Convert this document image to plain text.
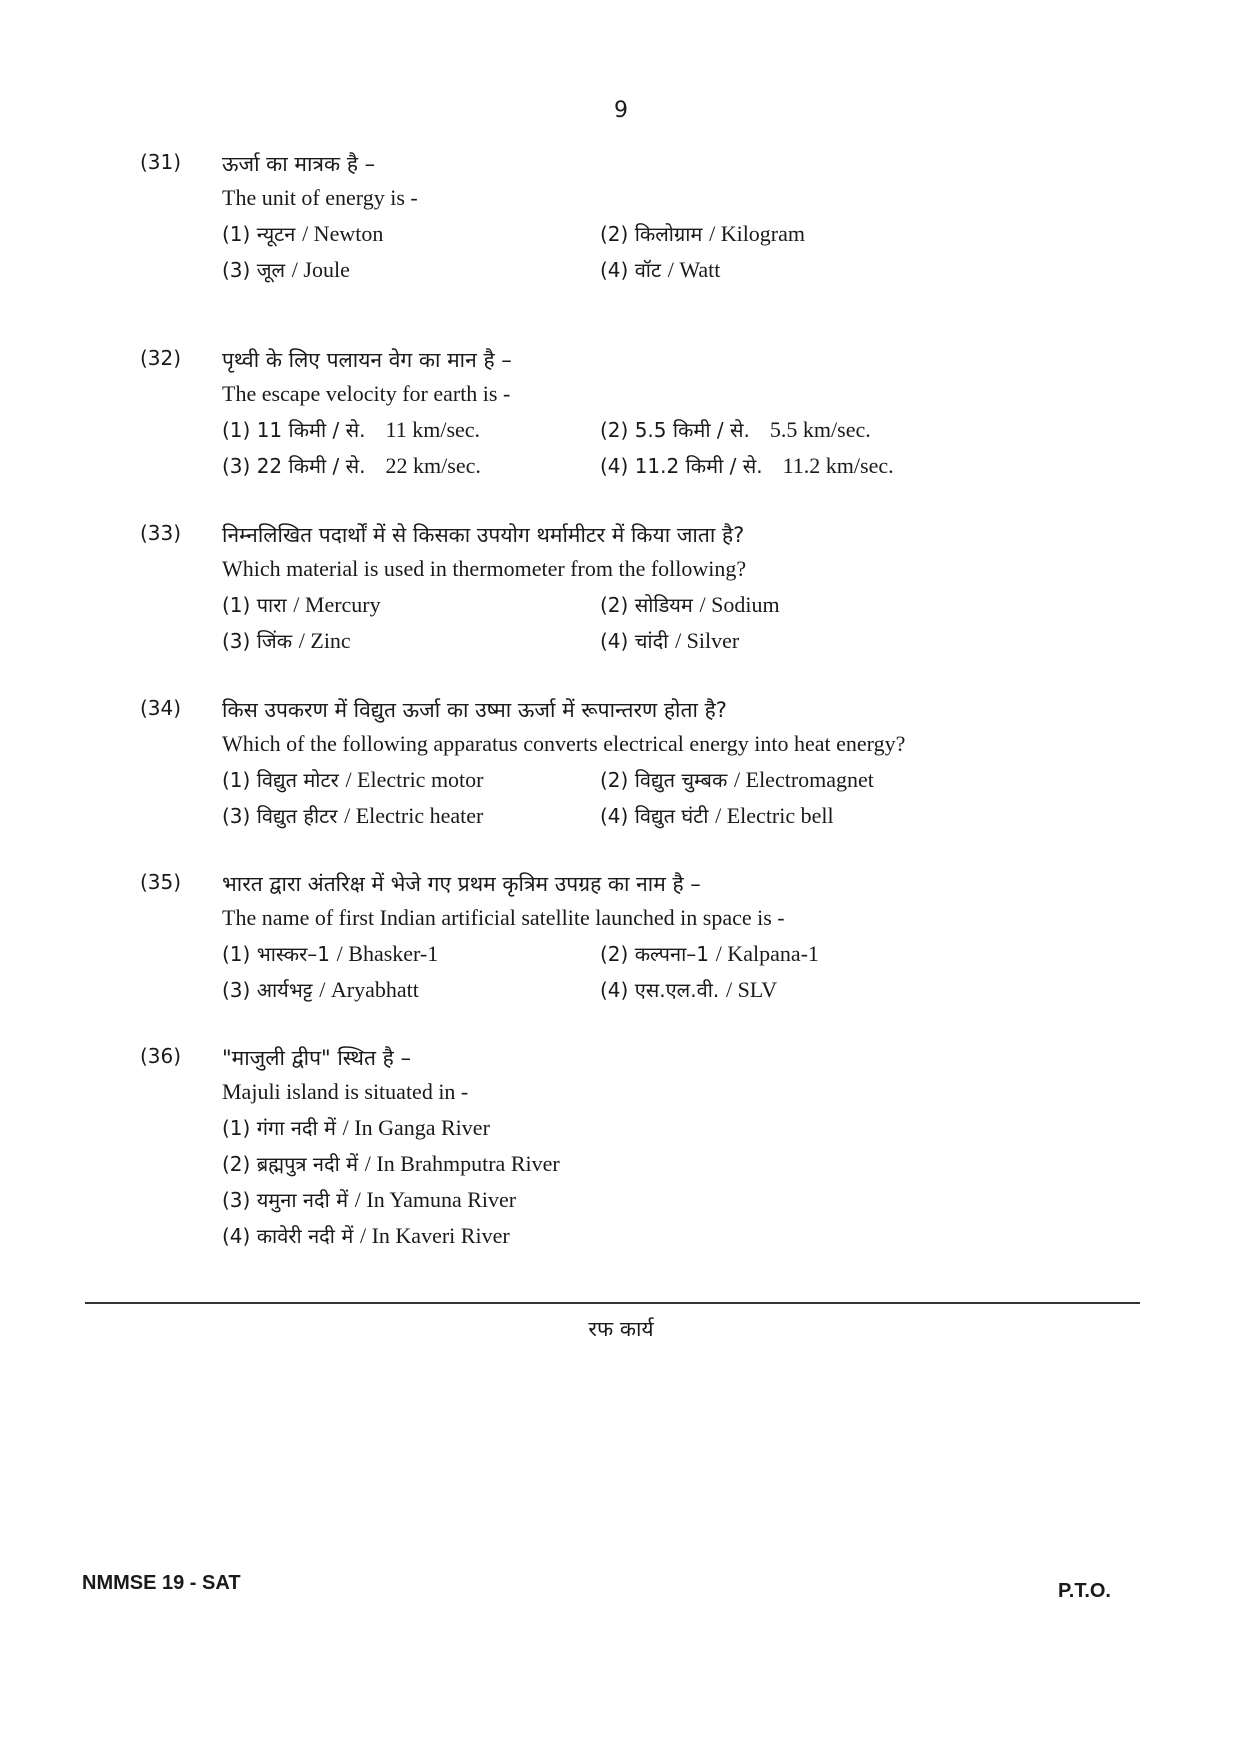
9
(31) ऊर्जा का मात्रक है –
The unit of energy is -
(1) न्यूटन / Newton	(2) किलोग्राम / Kilogram
(3) जूल / Joule	(4) वॉट / Watt
(32) पृथ्वी के लिए पलायन वेग का मान है –
The escape velocity for earth is -
(1) 11 किमी / से. 11 km/sec.	(2) 5.5 किमी / से. 5.5 km/sec.
(3) 22 किमी / से. 22 km/sec.	(4) 11.2 किमी / से. 11.2 km/sec.
(33) निम्नलिखित पदार्थों में से किसका उपयोग थर्मामीटर में किया जाता है?
Which material is used in thermometer from the following?
(1) पारा / Mercury	(2) सोडियम / Sodium
(3) जिंक / Zinc	(4) चांदी / Silver
(34) किस उपकरण में विद्युत ऊर्जा का उष्मा ऊर्जा में रूपान्तरण होता है?
Which of the following apparatus converts electrical energy into heat energy?
(1) विद्युत मोटर / Electric motor	(2) विद्युत चुम्बक / Electromagnet
(3) विद्युत हीटर / Electric heater	(4) विद्युत घंटी / Electric bell
(35) भारत द्वारा अंतरिक्ष में भेजे गए प्रथम कृत्रिम उपग्रह का नाम है –
The name of first Indian artificial satellite launched in space is -
(1) भास्कर–1 / Bhasker-1	(2) कल्पना–1 / Kalpana-1
(3) आर्यभट्ट / Aryabhatt	(4) एस.एल.वी. / SLV
(36) "माजुली द्वीप" स्थित है –
Majuli island is situated in -
(1) गंगा नदी में / In Ganga River
(2) ब्रह्मपुत्र नदी में / In Brahmputra River
(3) यमुना नदी में / In Yamuna River
(4) कावेरी नदी में / In Kaveri River
रफ कार्य
NMMSE 19 - SAT	P.T.O.
